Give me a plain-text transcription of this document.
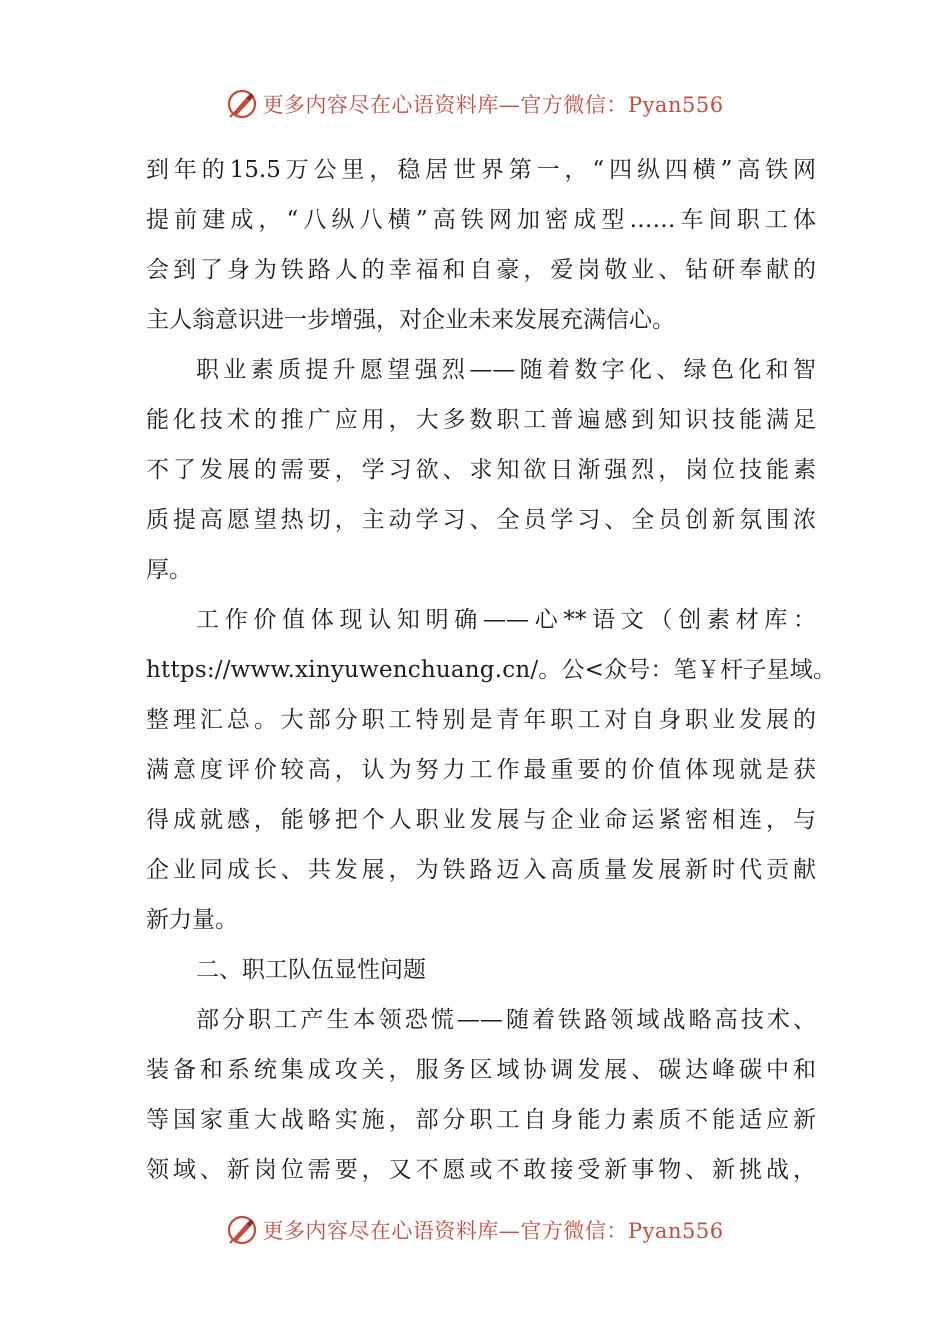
更多内容尽在心语资料库—官方微信：Pyan556
到年的15.5万公里，稳居世界第一，“四纵四横”高铁网
提前建成，“八纵八横”高铁网加密成型……车间职工体
会到了身为铁路人的幸福和自豪，爱岗敬业、钻研奉献的
主人翁意识进一步增强，对企业未来发展充满信心。
职业素质提升愿望强烈——随着数字化、绿色化和智
能化技术的推广应用，大多数职工普遍感到知识技能满足
不了发展的需要，学习欲、求知欲日渐强烈，岗位技能素
质提高愿望热切，主动学习、全员学习、全员创新氛围浓
厚。
工作价值体现认知明确——心**语文（创素材库：
https://www.xinyuwenchuang.cn/。公<众号：笔￥杆子星域。
整理汇总。大部分职工特别是青年职工对自身职业发展的
满意度评价较高，认为努力工作最重要的价值体现就是获
得成就感，能够把个人职业发展与企业命运紧密相连，与
企业同成长、共发展，为铁路迈入高质量发展新时代贡献
新力量。
二、职工队伍显性问题
部分职工产生本领恐慌——随着铁路领域战略高技术、
装备和系统集成攻关，服务区域协调发展、碳达峰碳中和
等国家重大战略实施，部分职工自身能力素质不能适应新
领域、新岗位需要，又不愿或不敢接受新事物、新挑战，
更多内容尽在心语资料库—官方微信：Pyan556
